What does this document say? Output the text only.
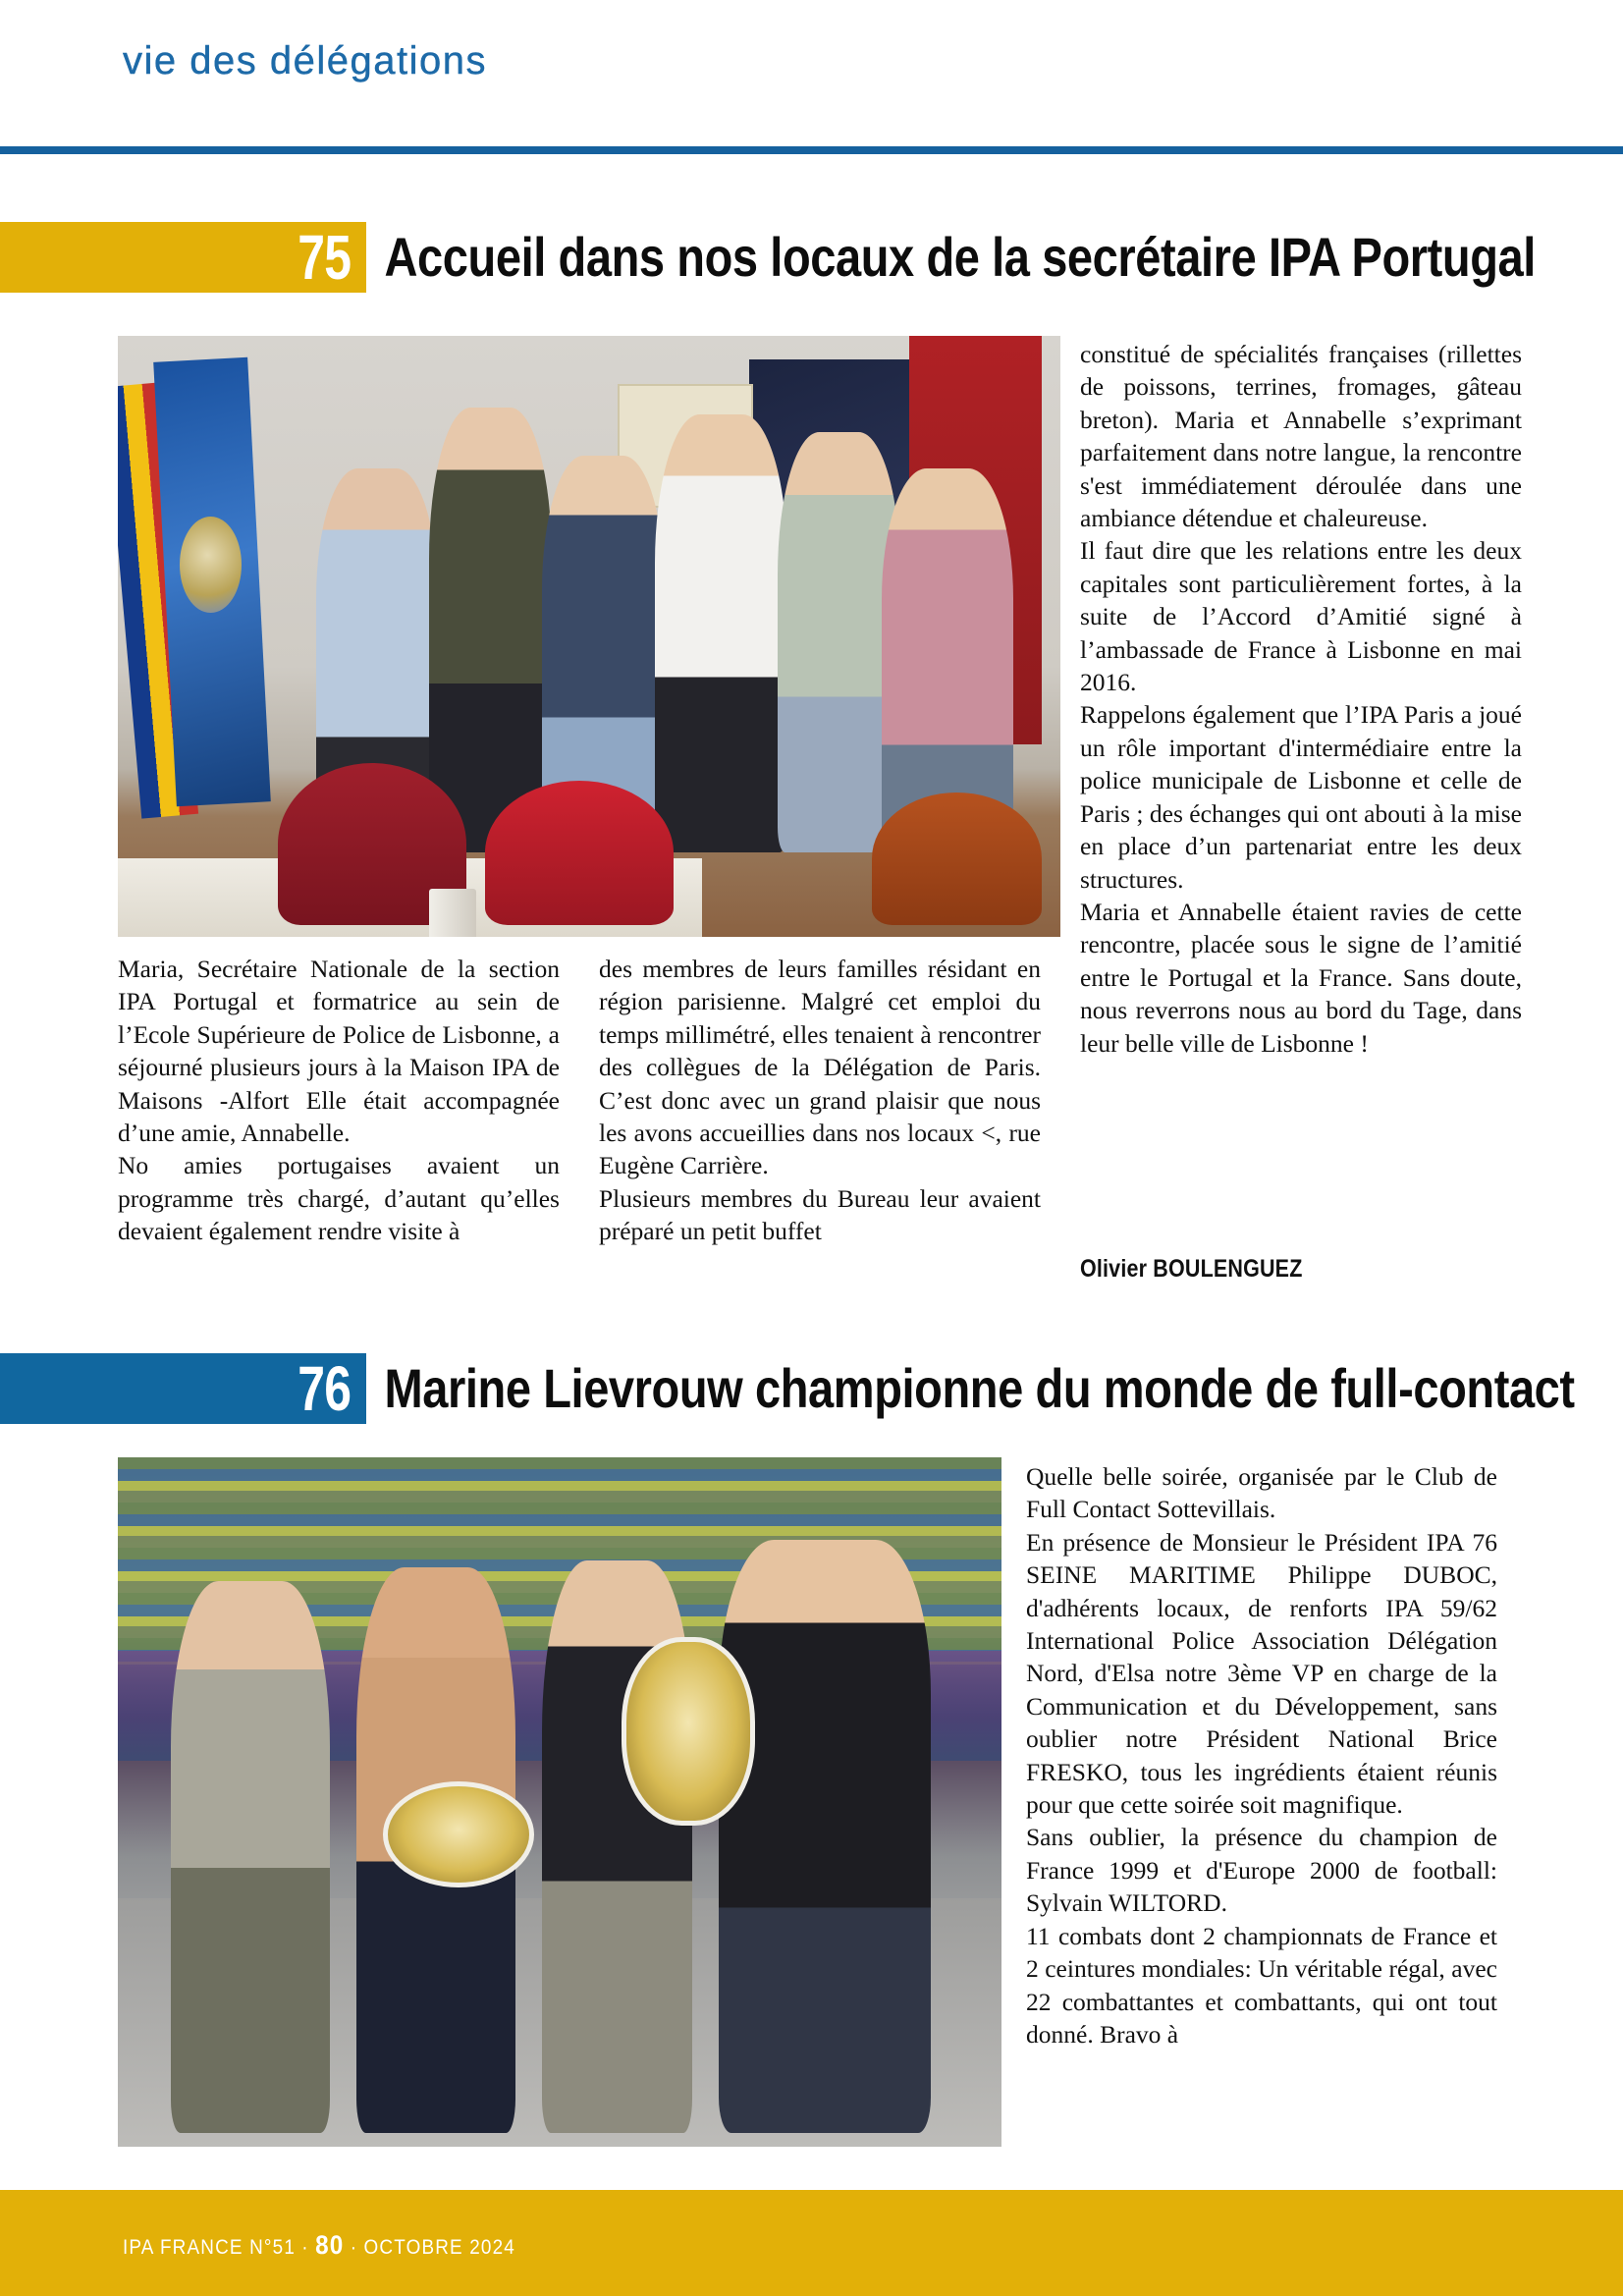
vie des délégations
75 Accueil dans nos locaux de la secrétaire IPA Portugal

Maria, Secrétaire Nationale de la section IPA Portugal et formatrice au sein de l’Ecole Supérieure de Police de Lisbonne, a séjourné plusieurs jours à la Maison IPA de Maisons -Alfort Elle était accompagnée d’une amie, Annabelle.

No amies portugaises avaient un programme très chargé, d’autant qu’elles devaient également rendre visite à

des membres de leurs familles résidant en région parisienne. Malgré cet emploi du temps millimétré, elles tenaient à rencontrer des collègues de la Délégation de Paris. C’est donc avec un grand plaisir que nous les avons accueillies dans nos locaux <, rue Eugène Carrière.

Plusieurs membres du Bureau leur avaient préparé un petit buffet

constitué de spécialités françaises (rillettes de poissons, terrines, fromages, gâteau breton). Maria et Annabelle s’exprimant parfaitement dans notre langue, la rencontre s'est immédiatement déroulée dans une ambiance détendue et chaleureuse.

Il faut dire que les relations entre les deux capitales sont particulièrement fortes, à la suite de l’Accord d’Amitié signé à l’ambassade de France à Lisbonne en mai 2016.

Rappelons également que l’IPA Paris a joué un rôle important d'intermédiaire entre la police municipale de Lisbonne et celle de Paris ; des échanges qui ont abouti à la mise en place d’un partenariat entre les deux structures.

Maria et Annabelle étaient ravies de cette rencontre, placée sous le signe de l’amitié entre le Portugal et la France. Sans doute, nous reverrons nous au bord du Tage, dans leur belle ville de Lisbonne !

Olivier BOULENGUEZ
76 Marine Lievrouw championne du monde de full-contact

Quelle belle soirée, organisée par le Club de Full Contact Sottevillais.

En présence de Monsieur le Président IPA 76 SEINE MARITIME Philippe DUBOC, d'adhérents locaux, de renforts IPA 59/62 International Police Association Délégation Nord, d'Elsa notre 3ème VP en charge de la Communication et du Développement, sans oublier notre Président National Brice FRESKO, tous les ingrédients étaient réunis pour que cette soirée soit magnifique.

Sans oublier, la présence du champion de France 1999 et d'Europe 2000 de football: Sylvain WILTORD.

11 combats dont 2 championnats de France et 2 ceintures mondiales: Un véritable régal, avec 22 combattantes et combattants, qui ont tout donné. Bravo à

IPA FRANCE N°51 · 80 · OCTOBRE 2024
